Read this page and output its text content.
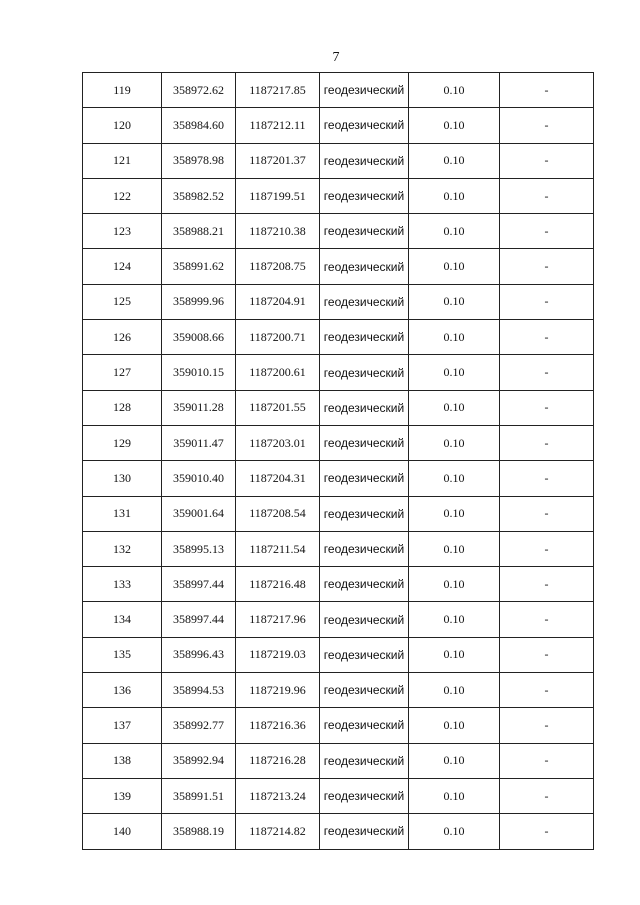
7
119	358972.62	1187217.85	геодезический	0.10	-
120	358984.60	1187212.11	геодезический	0.10	-
121	358978.98	1187201.37	геодезический	0.10	-
122	358982.52	1187199.51	геодезический	0.10	-
123	358988.21	1187210.38	геодезический	0.10	-
124	358991.62	1187208.75	геодезический	0.10	-
125	358999.96	1187204.91	геодезический	0.10	-
126	359008.66	1187200.71	геодезический	0.10	-
127	359010.15	1187200.61	геодезический	0.10	-
128	359011.28	1187201.55	геодезический	0.10	-
129	359011.47	1187203.01	геодезический	0.10	-
130	359010.40	1187204.31	геодезический	0.10	-
131	359001.64	1187208.54	геодезический	0.10	-
132	358995.13	1187211.54	геодезический	0.10	-
133	358997.44	1187216.48	геодезический	0.10	-
134	358997.44	1187217.96	геодезический	0.10	-
135	358996.43	1187219.03	геодезический	0.10	-
136	358994.53	1187219.96	геодезический	0.10	-
137	358992.77	1187216.36	геодезический	0.10	-
138	358992.94	1187216.28	геодезический	0.10	-
139	358991.51	1187213.24	геодезический	0.10	-
140	358988.19	1187214.82	геодезический	0.10	-
